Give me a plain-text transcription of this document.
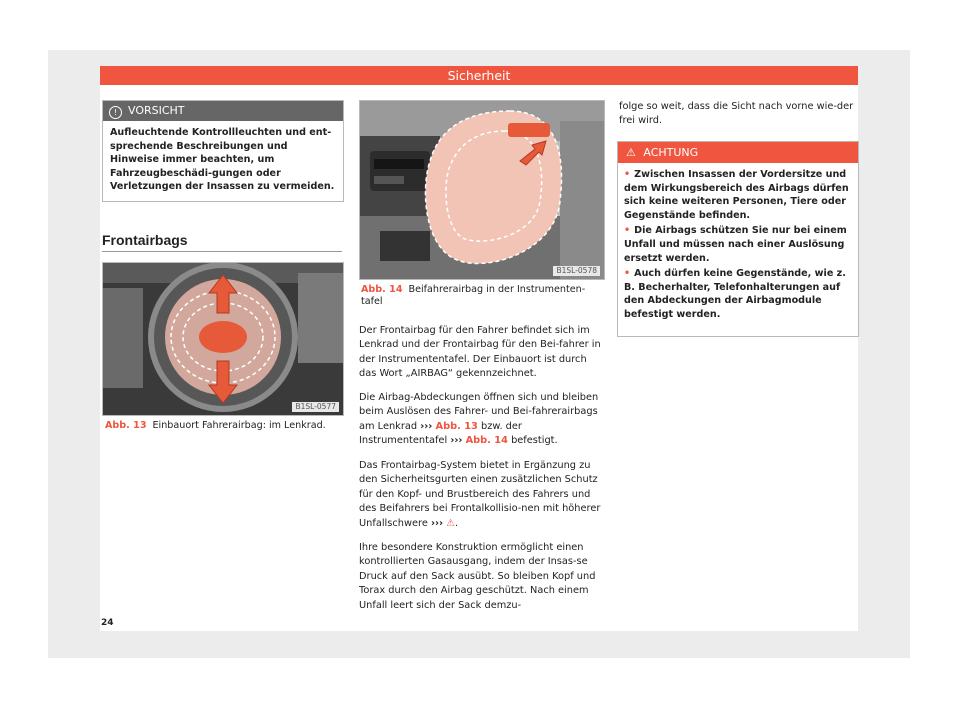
Sicherheit
! VORSICHT
Aufleuchtende Kontrollleuchten und ent-sprechende Beschreibungen und Hinweise immer beachten, um Fahrzeugbeschädi-gungen oder Verletzungen der Insassen zu vermeiden.
Frontairbags
B1SL-0577
Abb. 13 Einbauort Fahrerairbag: im Lenkrad.
B1SL-0578
Abb. 14 Beifahrerairbag in der Instrumenten-tafel
Der Frontairbag für den Fahrer befindet sich im Lenkrad und der Frontairbag für den Bei-fahrer in der Instrumententafel. Der Einbauort ist durch das Wort „AIRBAG“ gekennzeichnet.
Die Airbag-Abdeckungen öffnen sich und bleiben beim Auslösen des Fahrer- und Bei-fahrerairbags am Lenkrad ››› Abb. 13 bzw. der Instrumententafel ››› Abb. 14 befestigt.
Das Frontairbag-System bietet in Ergänzung zu den Sicherheitsgurten einen zusätzlichen Schutz für den Kopf- und Brustbereich des Fahrers und des Beifahrers bei Frontalkollisio-nen mit höherer Unfallschwere ››› ⚠.
Ihre besondere Konstruktion ermöglicht einen kontrollierten Gasausgang, indem der Insas-se Druck auf den Sack ausübt. So bleiben Kopf und Torax durch den Airbag geschützt. Nach einem Unfall leert sich der Sack demzu-
folge so weit, dass die Sicht nach vorne wie-der frei wird.
⚠ ACHTUNG
• Zwischen Insassen der Vordersitze und dem Wirkungsbereich des Airbags dürfen sich keine weiteren Personen, Tiere oder Gegenstände befinden.
• Die Airbags schützen Sie nur bei einem Unfall und müssen nach einer Auslösung ersetzt werden.
• Auch dürfen keine Gegenstände, wie z. B. Becherhalter, Telefonhalterungen auf den Abdeckungen der Airbagmodule befestigt werden.
24
